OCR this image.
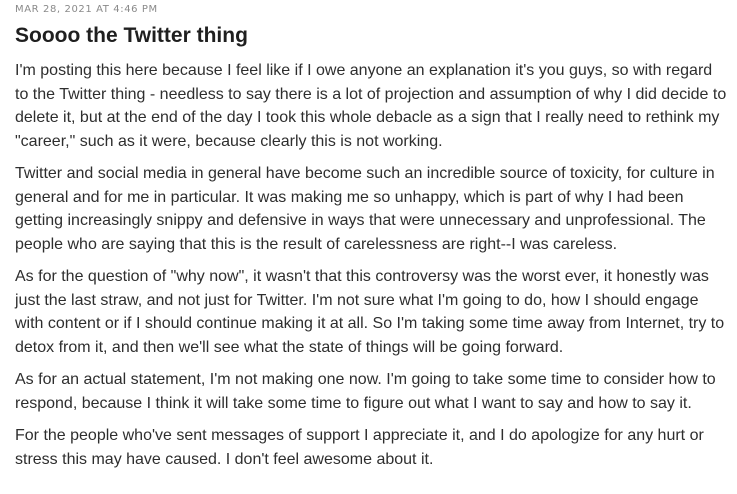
MAR 28, 2021 AT 4:46 PM
Soooo the Twitter thing

I'm posting this here because I feel like if I owe anyone an explanation it's you guys, so with regard to the Twitter thing - needless to say there is a lot of projection and assumption of why I did decide to delete it, but at the end of the day I took this whole debacle as a sign that I really need to rethink my "career," such as it were, because clearly this is not working.

Twitter and social media in general have become such an incredible source of toxicity, for culture in general and for me in particular. It was making me so unhappy, which is part of why I had been getting increasingly snippy and defensive in ways that were unnecessary and unprofessional. The people who are saying that this is the result of carelessness are right--I was careless.

As for the question of "why now", it wasn't that this controversy was the worst ever, it honestly was just the last straw, and not just for Twitter. I'm not sure what I'm going to do, how I should engage with content or if I should continue making it at all. So I'm taking some time away from Internet, try to detox from it, and then we'll see what the state of things will be going forward.

As for an actual statement, I'm not making one now. I'm going to take some time to consider how to respond, because I think it will take some time to figure out what I want to say and how to say it.

For the people who've sent messages of support I appreciate it, and I do apologize for any hurt or stress this may have caused. I don't feel awesome about it.
